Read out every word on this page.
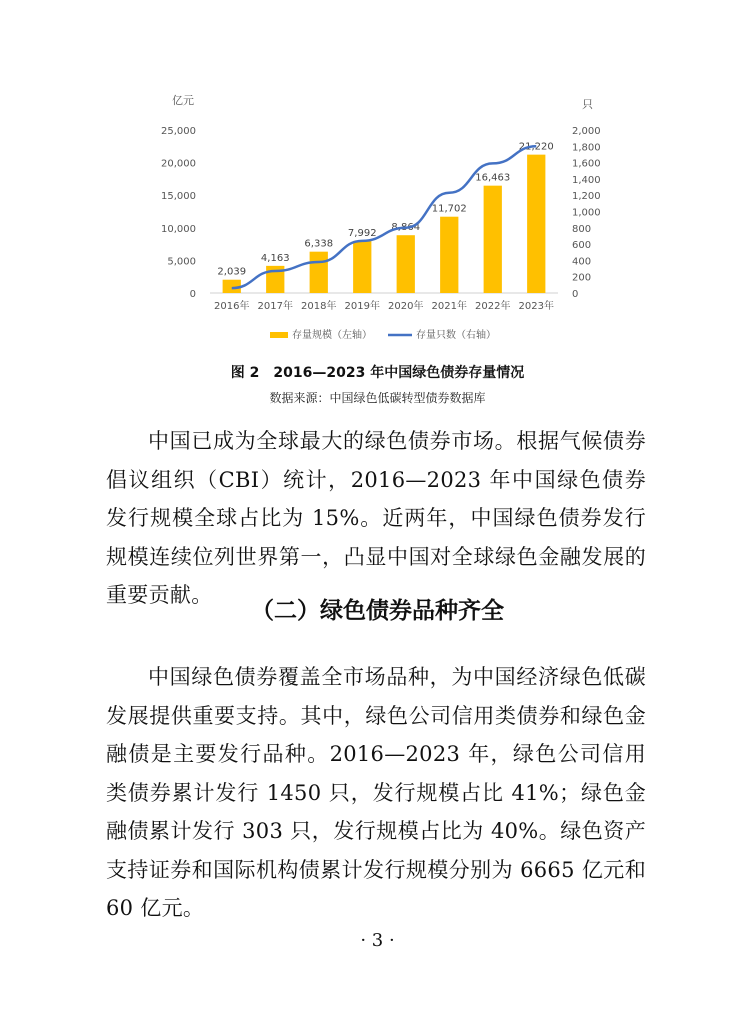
亿元	只
0
5,000
10,000
15,000
20,000
25,000
0
200
400
600
800
1,000
1,200
1,400
1,600
1,800
2,000
2,039
2016年
4,163
2017年
6,338
2018年
7,992
2019年
8,864
2020年
11,702
2021年
16,463
2022年
21,220
2023年
存量规模（左轴）	存量只数（右轴）
图 2　2016—2023 年中国绿色债券存量情况
数据来源：中国绿色低碳转型债券数据库

中国已成为全球最大的绿色债券市场。根据气候债券倡议组织（CBI）统计，2016—2023 年中国绿色债券发行规模全球占比为 15%。近两年，中国绿色债券发行规模连续位列世界第一，凸显中国对全球绿色金融发展的重要贡献。

（二）绿色债券品种齐全

中国绿色债券覆盖全市场品种，为中国经济绿色低碳发展提供重要支持。其中，绿色公司信用类债券和绿色金融债是主要发行品种。2016—2023 年，绿色公司信用类债券累计发行 1450 只，发行规模占比 41%；绿色金融债累计发行 303 只，发行规模占比为 40%。绿色资产支持证券和国际机构债累计发行规模分别为 6665 亿元和 60 亿元。

· 3 ·
